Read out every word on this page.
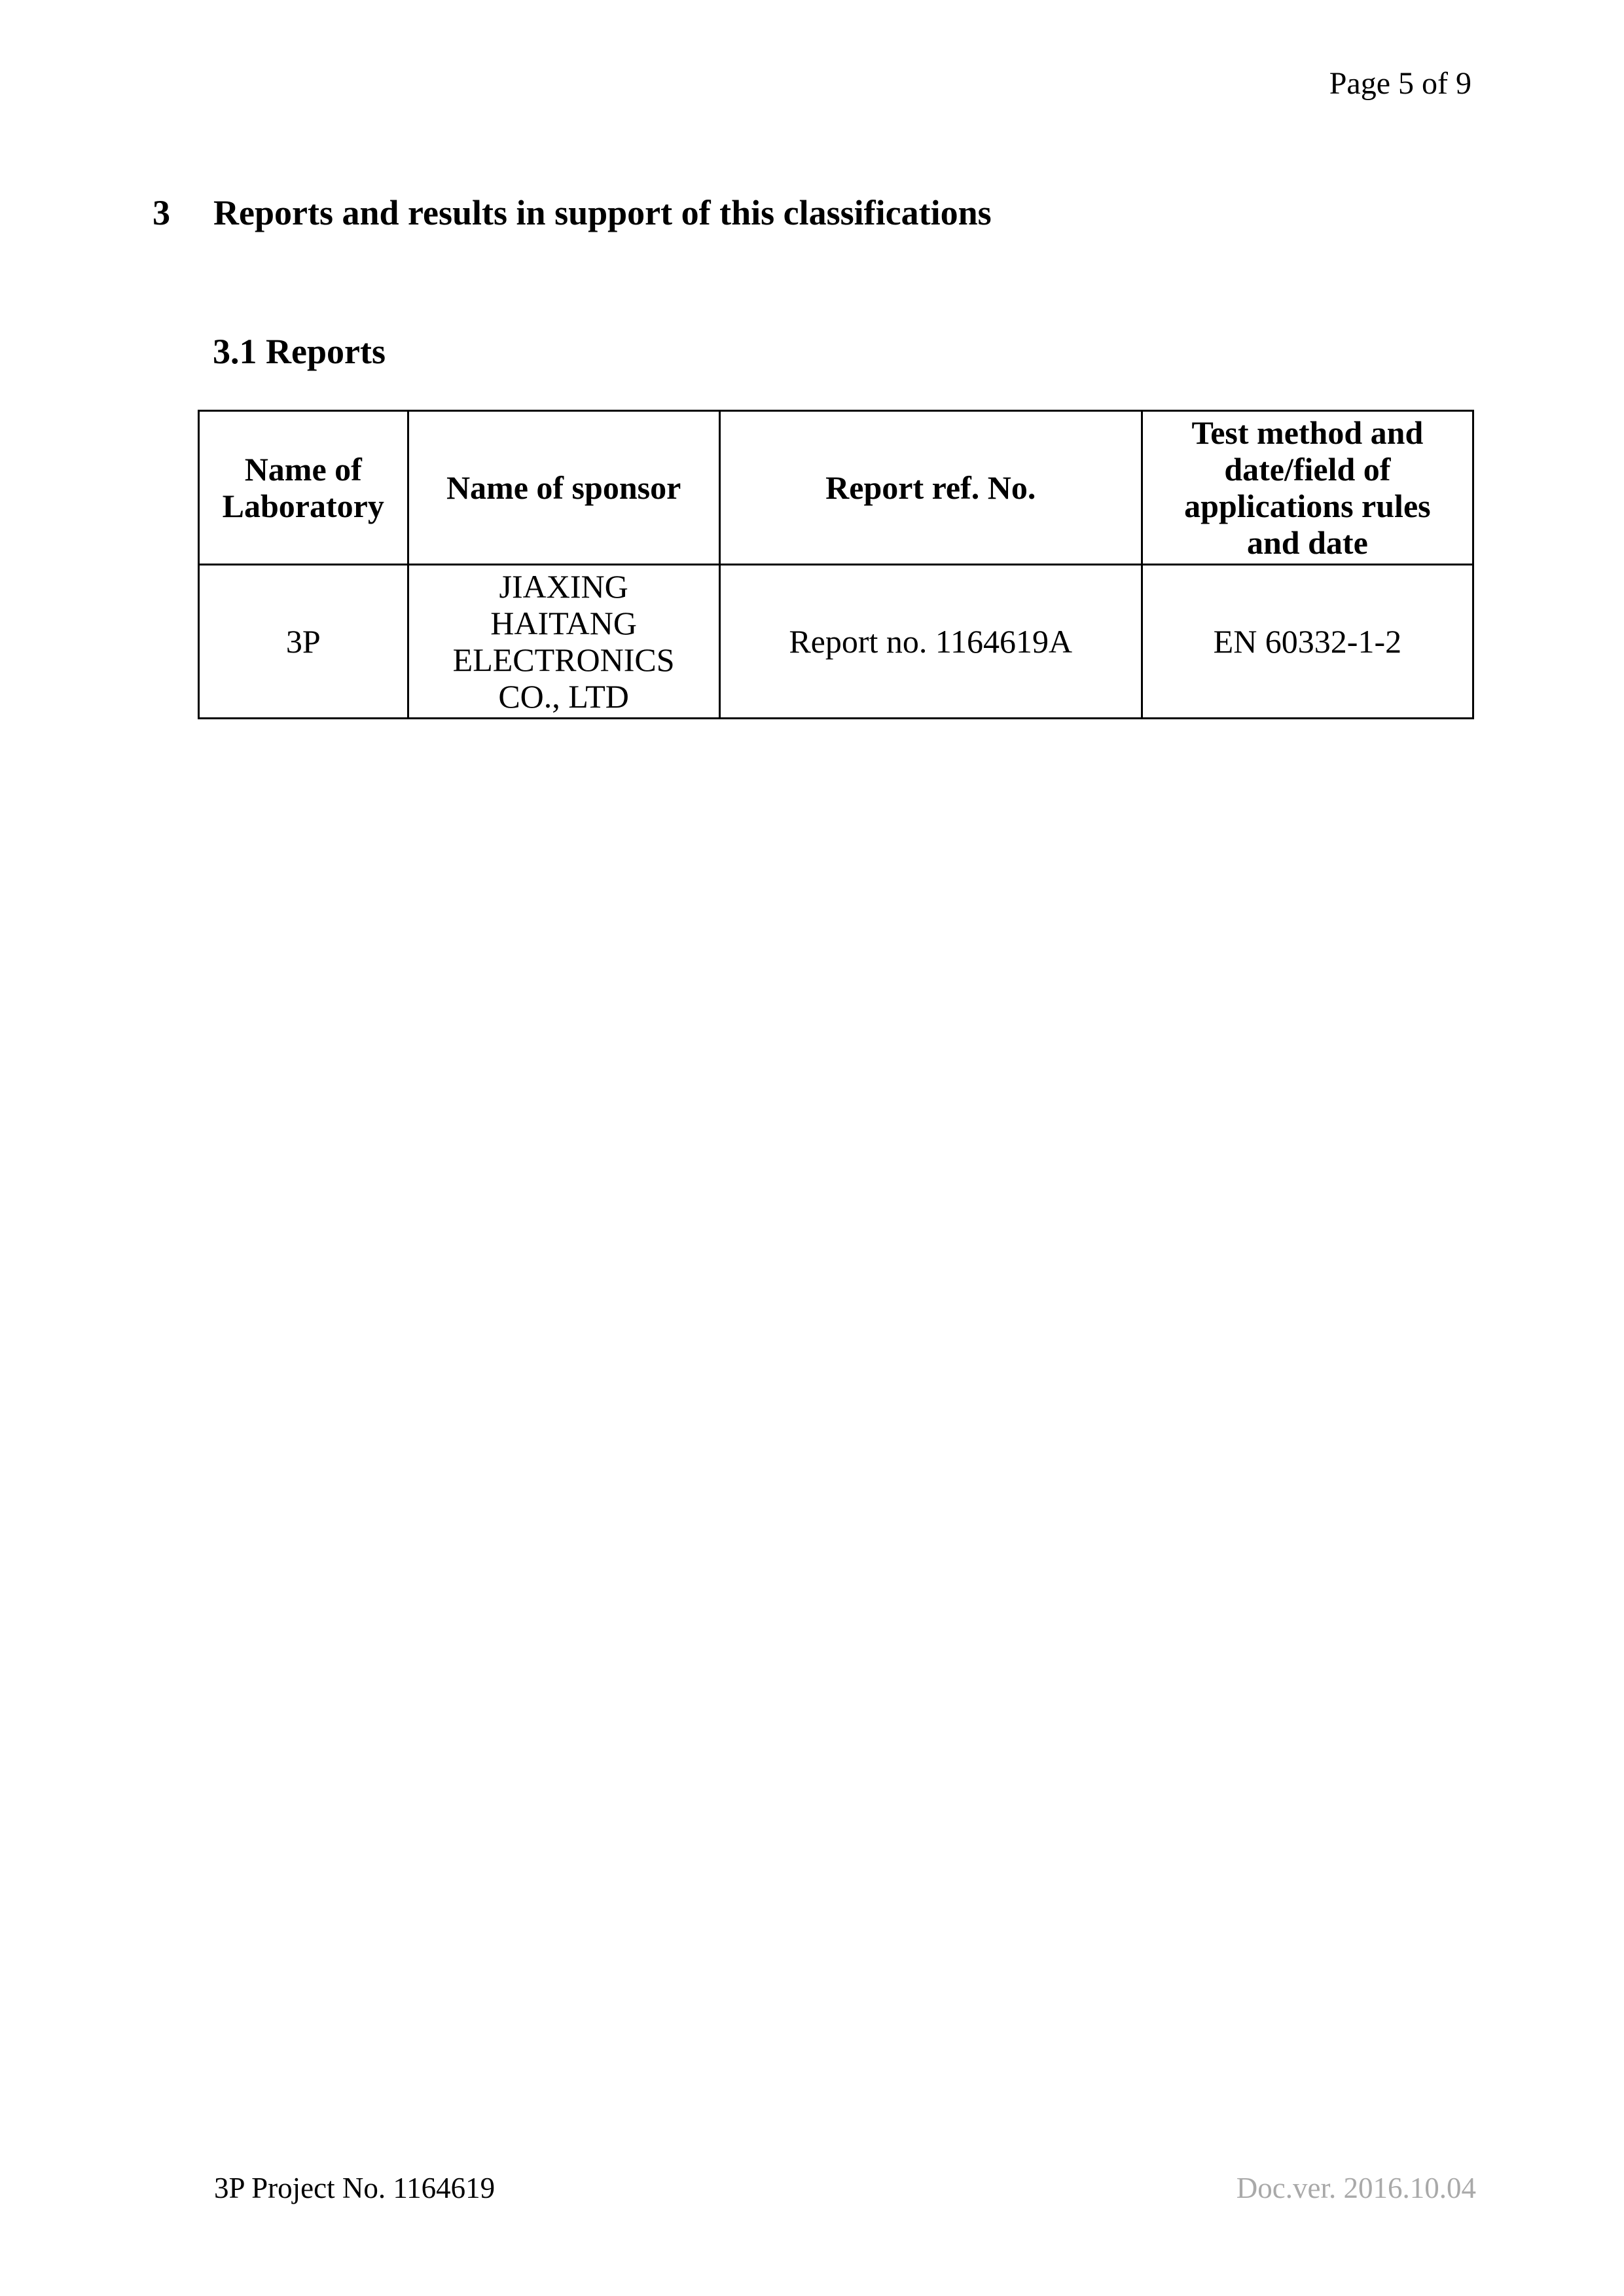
Page 5 of 9
3	Reports and results in support of this classifications
3.1 Reports
Name of Laboratory	Name of sponsor	Report ref. No.	Test method and date/field of applications rules and date
3P	JIAXING HAITANG ELECTRONICS CO., LTD	Report no. 1164619A	EN 60332-1-2
3P Project No. 1164619	Doc.ver. 2016.10.04
